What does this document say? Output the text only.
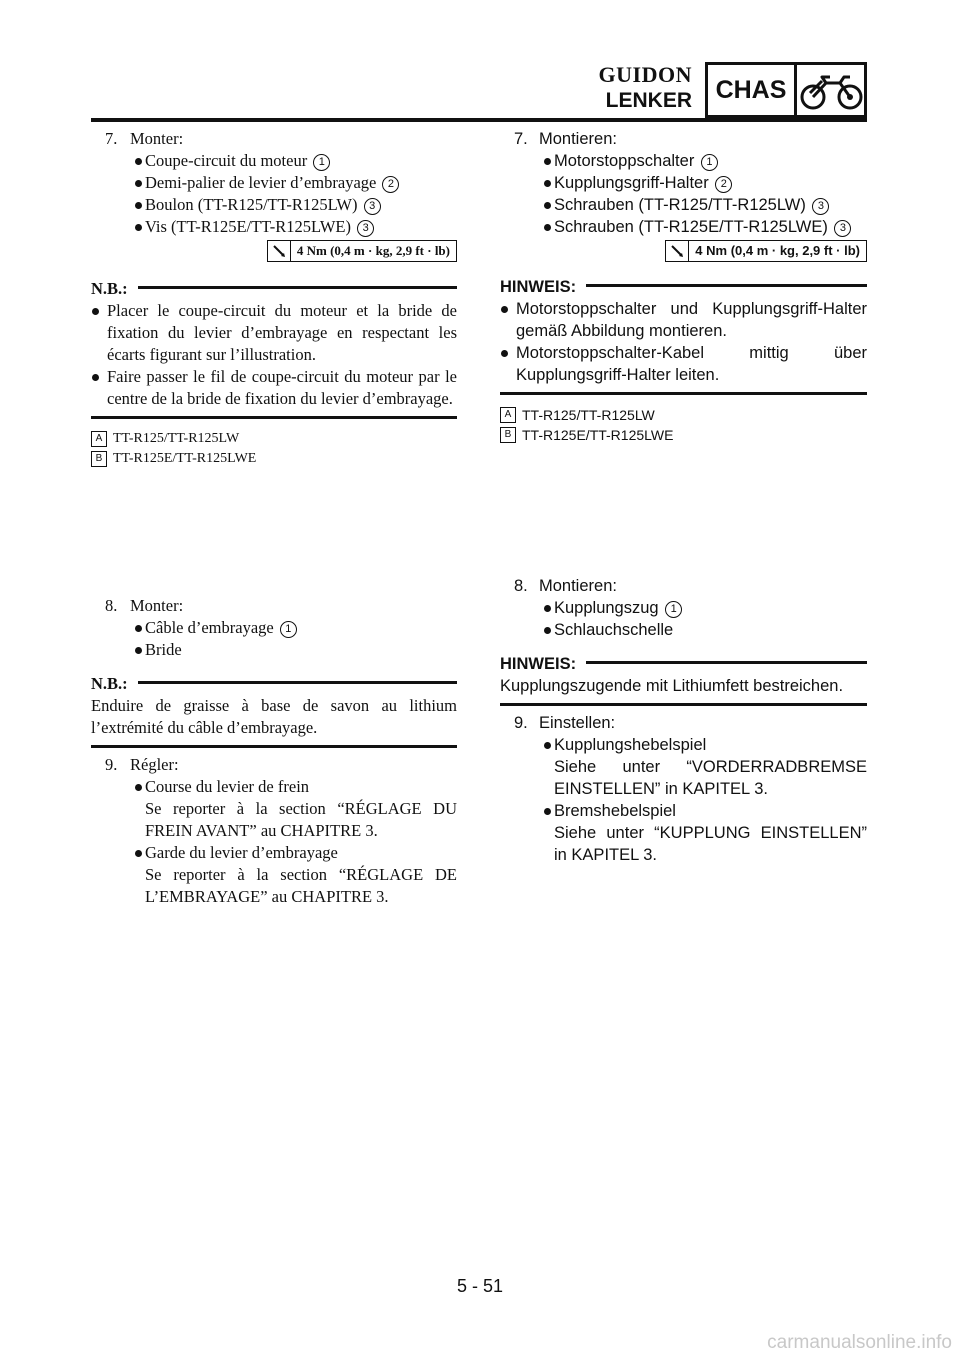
GUIDON
LENKER CHAS

7. Monter:

Coupe-circuit du moteur 1

Demi-palier de levier d’embrayage 2

Boulon (TT-R125/TT-R125LW) 3

Vis (TT-R125E/TT-R125LWE) 3

4 Nm (0,4 m · kg, 2,9 ft · lb)
N.B.:

Placer le coupe-circuit du moteur et la bride de fixation du levier d’embrayage en respectant les écarts figurant sur l’illustration.

Faire passer le fil de coupe-circuit du moteur par le centre de la bride de fixation du levier d’embrayage.

A TT-R125/TT-R125LW
B TT-R125E/TT-R125LWE

8. Monter:

Câble d’embrayage 1

Bride

N.B.:

Enduire de graisse à base de savon au lithium l’extrémité du câble d’embrayage.

9. Régler:

Course du levier de frein

Se reporter à la section “RÉGLAGE DU FREIN AVANT” au CHAPITRE 3.

Garde du levier d’embrayage

Se reporter à la section “RÉGLAGE DE L’EMBRAYAGE” au CHAPITRE 3.

7. Montieren:

Motorstoppschalter 1

Kupplungsgriff-Halter 2

Schrauben (TT-R125/TT-R125LW) 3

Schrauben (TT-R125E/TT-R125LWE) 3

4 Nm (0,4 m · kg, 2,9 ft · lb)
HINWEIS:

Motorstoppschalter und Kupplungsgriff-Halter gemäß Abbildung montieren.

Motorstoppschalter-Kabel mittig über Kupplungsgriff-Halter leiten.

A TT-R125/TT-R125LW
B TT-R125E/TT-R125LWE

8. Montieren:

Kupplungszug 1

Schlauchschelle

HINWEIS:

Kupplungszugende mit Lithiumfett bestreichen.

9. Einstellen:

Kupplungshebelspiel

Siehe unter “VORDERRADBREMSE EINSTELLEN” in KAPITEL 3.

Bremshebelspiel

Siehe unter “KUPPLUNG EINSTELLEN” in KAPITEL 3.

5 - 51
carmanualsonline.info
